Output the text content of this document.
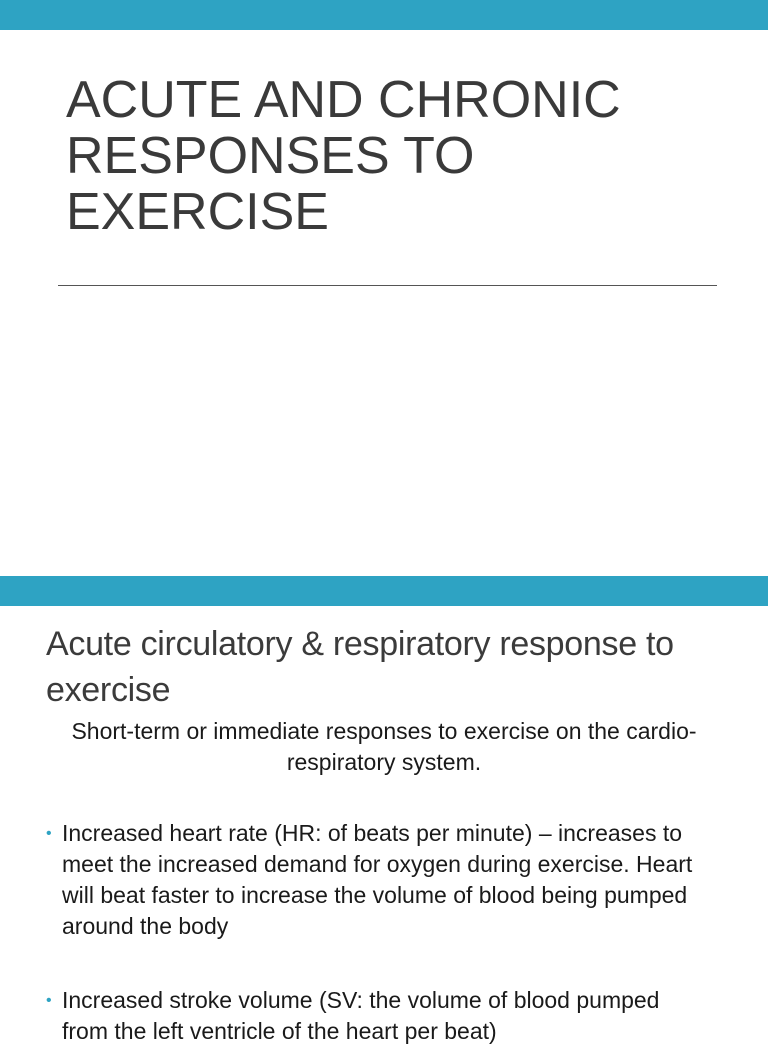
ACUTE AND CHRONIC RESPONSES TO EXERCISE
Acute circulatory & respiratory response to exercise

Short-term or immediate responses to exercise on the cardio-respiratory system.

• Increased heart rate (HR: of beats per minute) – increases to meet the increased demand for oxygen during exercise. Heart will beat faster to increase the volume of blood being pumped around the body
• Increased stroke volume (SV: the volume of blood pumped from the left ventricle of the heart per beat)
